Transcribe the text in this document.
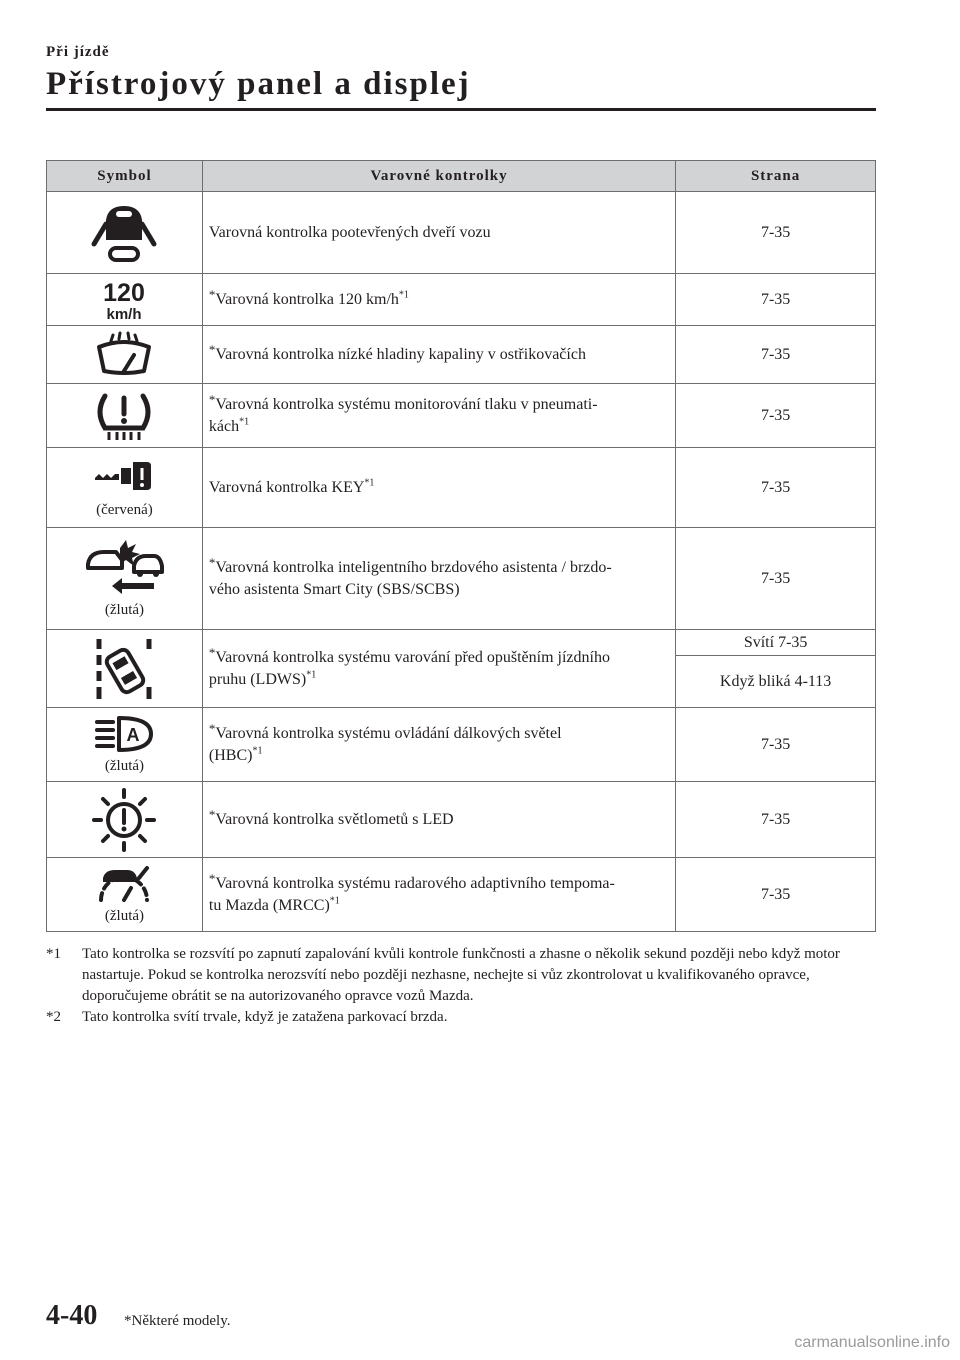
Při jízdě
Přístrojový panel a displej
Symbol	Varovné kontrolky	Strana

	Varovná kontrolka pootevřených dveří vozu	7-35

120
km/h	*Varovná kontrolka 120 $km/h^{*1}$	7-35

	*Varovná kontrolka nízké hladiny kapaliny v ostřikovačích	7-35

	*Varovná kontrolka systému monitorování tlaku v pneumati-
kách$^{*1}$	7-35

(červená)	Varovná kontrolka KEY$^{*1}$	7-35

(žlutá)	*Varovná kontrolka inteligentního brzdového asistenta / brzdo-
vého asistenta Smart City (SBS/SCBS)	7-35

	*Varovná kontrolka systému varování před opuštěním jízdního
pruhu (LDWS)$^{*1}$	Svítí 7-35
		Když bliká 4-113

A
(žlutá)	*Varovná kontrolka systému ovládání dálkových světel
(HBC)$^{*1}$	7-35

	*Varovná kontrolka světlometů s LED	7-35

(žlutá)	*Varovná kontrolka systému radarového adaptivního tempoma-
tu Mazda (MRCC)$^{*1}$	7-35
*1	Tato kontrolka se rozsvítí po zapnutí zapalování kvůli kontrole funkčnosti a zhasne o několik sekund později nebo když motor nastartuje. Pokud se kontrolka nerozsvítí nebo později nezhasne, nechejte si vůz zkontrolovat u kvalifikovaného opravce, doporučujeme obrátit se na autorizovaného opravce vozů Mazda.
*2	Tato kontrolka svítí trvale, když je zatažena parkovací brzda.
4-40 *Některé modely.
carmanualsonline.info
